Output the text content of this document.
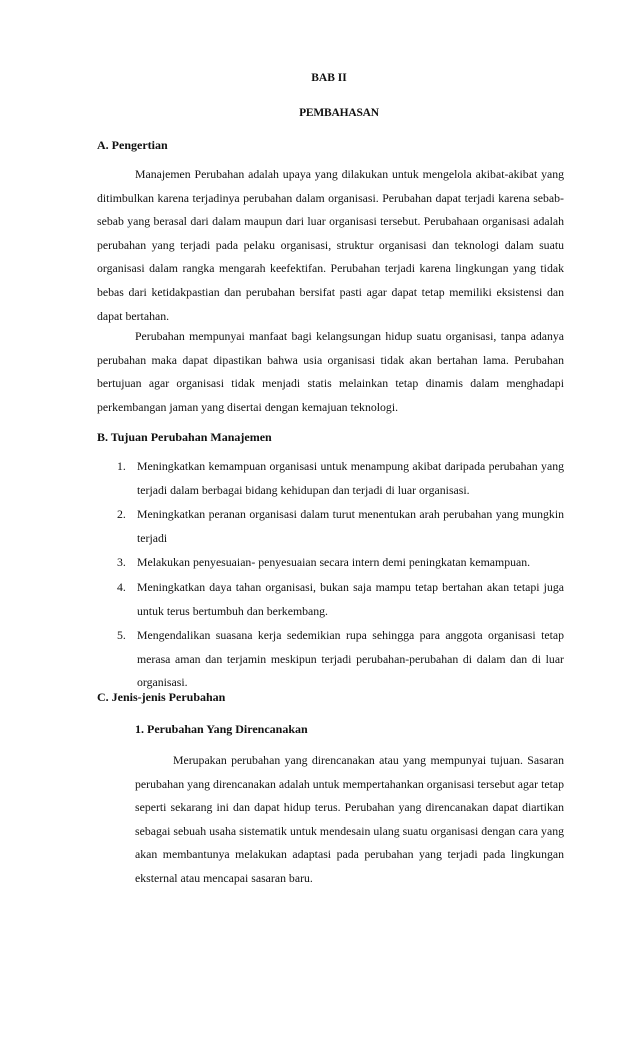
BAB II
PEMBAHASAN
A. Pengertian

Manajemen Perubahan adalah upaya yang dilakukan untuk mengelola akibat-akibat yang ditimbulkan karena terjadinya perubahan dalam organisasi. Perubahan dapat terjadi karena sebab-sebab yang berasal dari dalam maupun dari luar organisasi tersebut. Perubahaan organisasi adalah perubahan yang terjadi pada pelaku organisasi, struktur organisasi dan teknologi dalam suatu organisasi dalam rangka mengarah keefektifan. Perubahan terjadi karena lingkungan yang tidak bebas dari ketidakpastian dan perubahan bersifat pasti agar dapat tetap memiliki eksistensi dan dapat bertahan.

Perubahan mempunyai manfaat bagi kelangsungan hidup suatu organisasi, tanpa adanya perubahan maka dapat dipastikan bahwa usia organisasi tidak akan bertahan lama. Perubahan bertujuan agar organisasi tidak menjadi statis melainkan tetap dinamis dalam menghadapi perkembangan jaman yang disertai dengan kemajuan teknologi.

B. Tujuan Perubahan Manajemen
1. Meningkatkan kemampuan organisasi untuk menampung akibat daripada perubahan yang terjadi dalam berbagai bidang kehidupan dan terjadi di luar organisasi.
2. Meningkatkan peranan organisasi dalam turut menentukan arah perubahan yang mungkin terjadi
3. Melakukan penyesuaian- penyesuaian secara intern demi peningkatan kemampuan.
4. Meningkatkan daya tahan organisasi, bukan saja mampu tetap bertahan akan tetapi juga untuk terus bertumbuh dan berkembang.
5. Mengendalikan suasana kerja sedemikian rupa sehingga para anggota organisasi tetap merasa aman dan terjamin meskipun terjadi perubahan-perubahan di dalam dan di luar organisasi.
C. Jenis-jenis Perubahan
1. Perubahan Yang Direncanakan

Merupakan perubahan yang direncanakan atau yang mempunyai tujuan. Sasaran perubahan yang direncanakan adalah untuk mempertahankan organisasi tersebut agar tetap seperti sekarang ini dan dapat hidup terus. Perubahan yang direncanakan dapat diartikan sebagai sebuah usaha sistematik untuk mendesain ulang suatu organisasi dengan cara yang akan membantunya melakukan adaptasi pada perubahan yang terjadi pada lingkungan eksternal atau mencapai sasaran baru.
